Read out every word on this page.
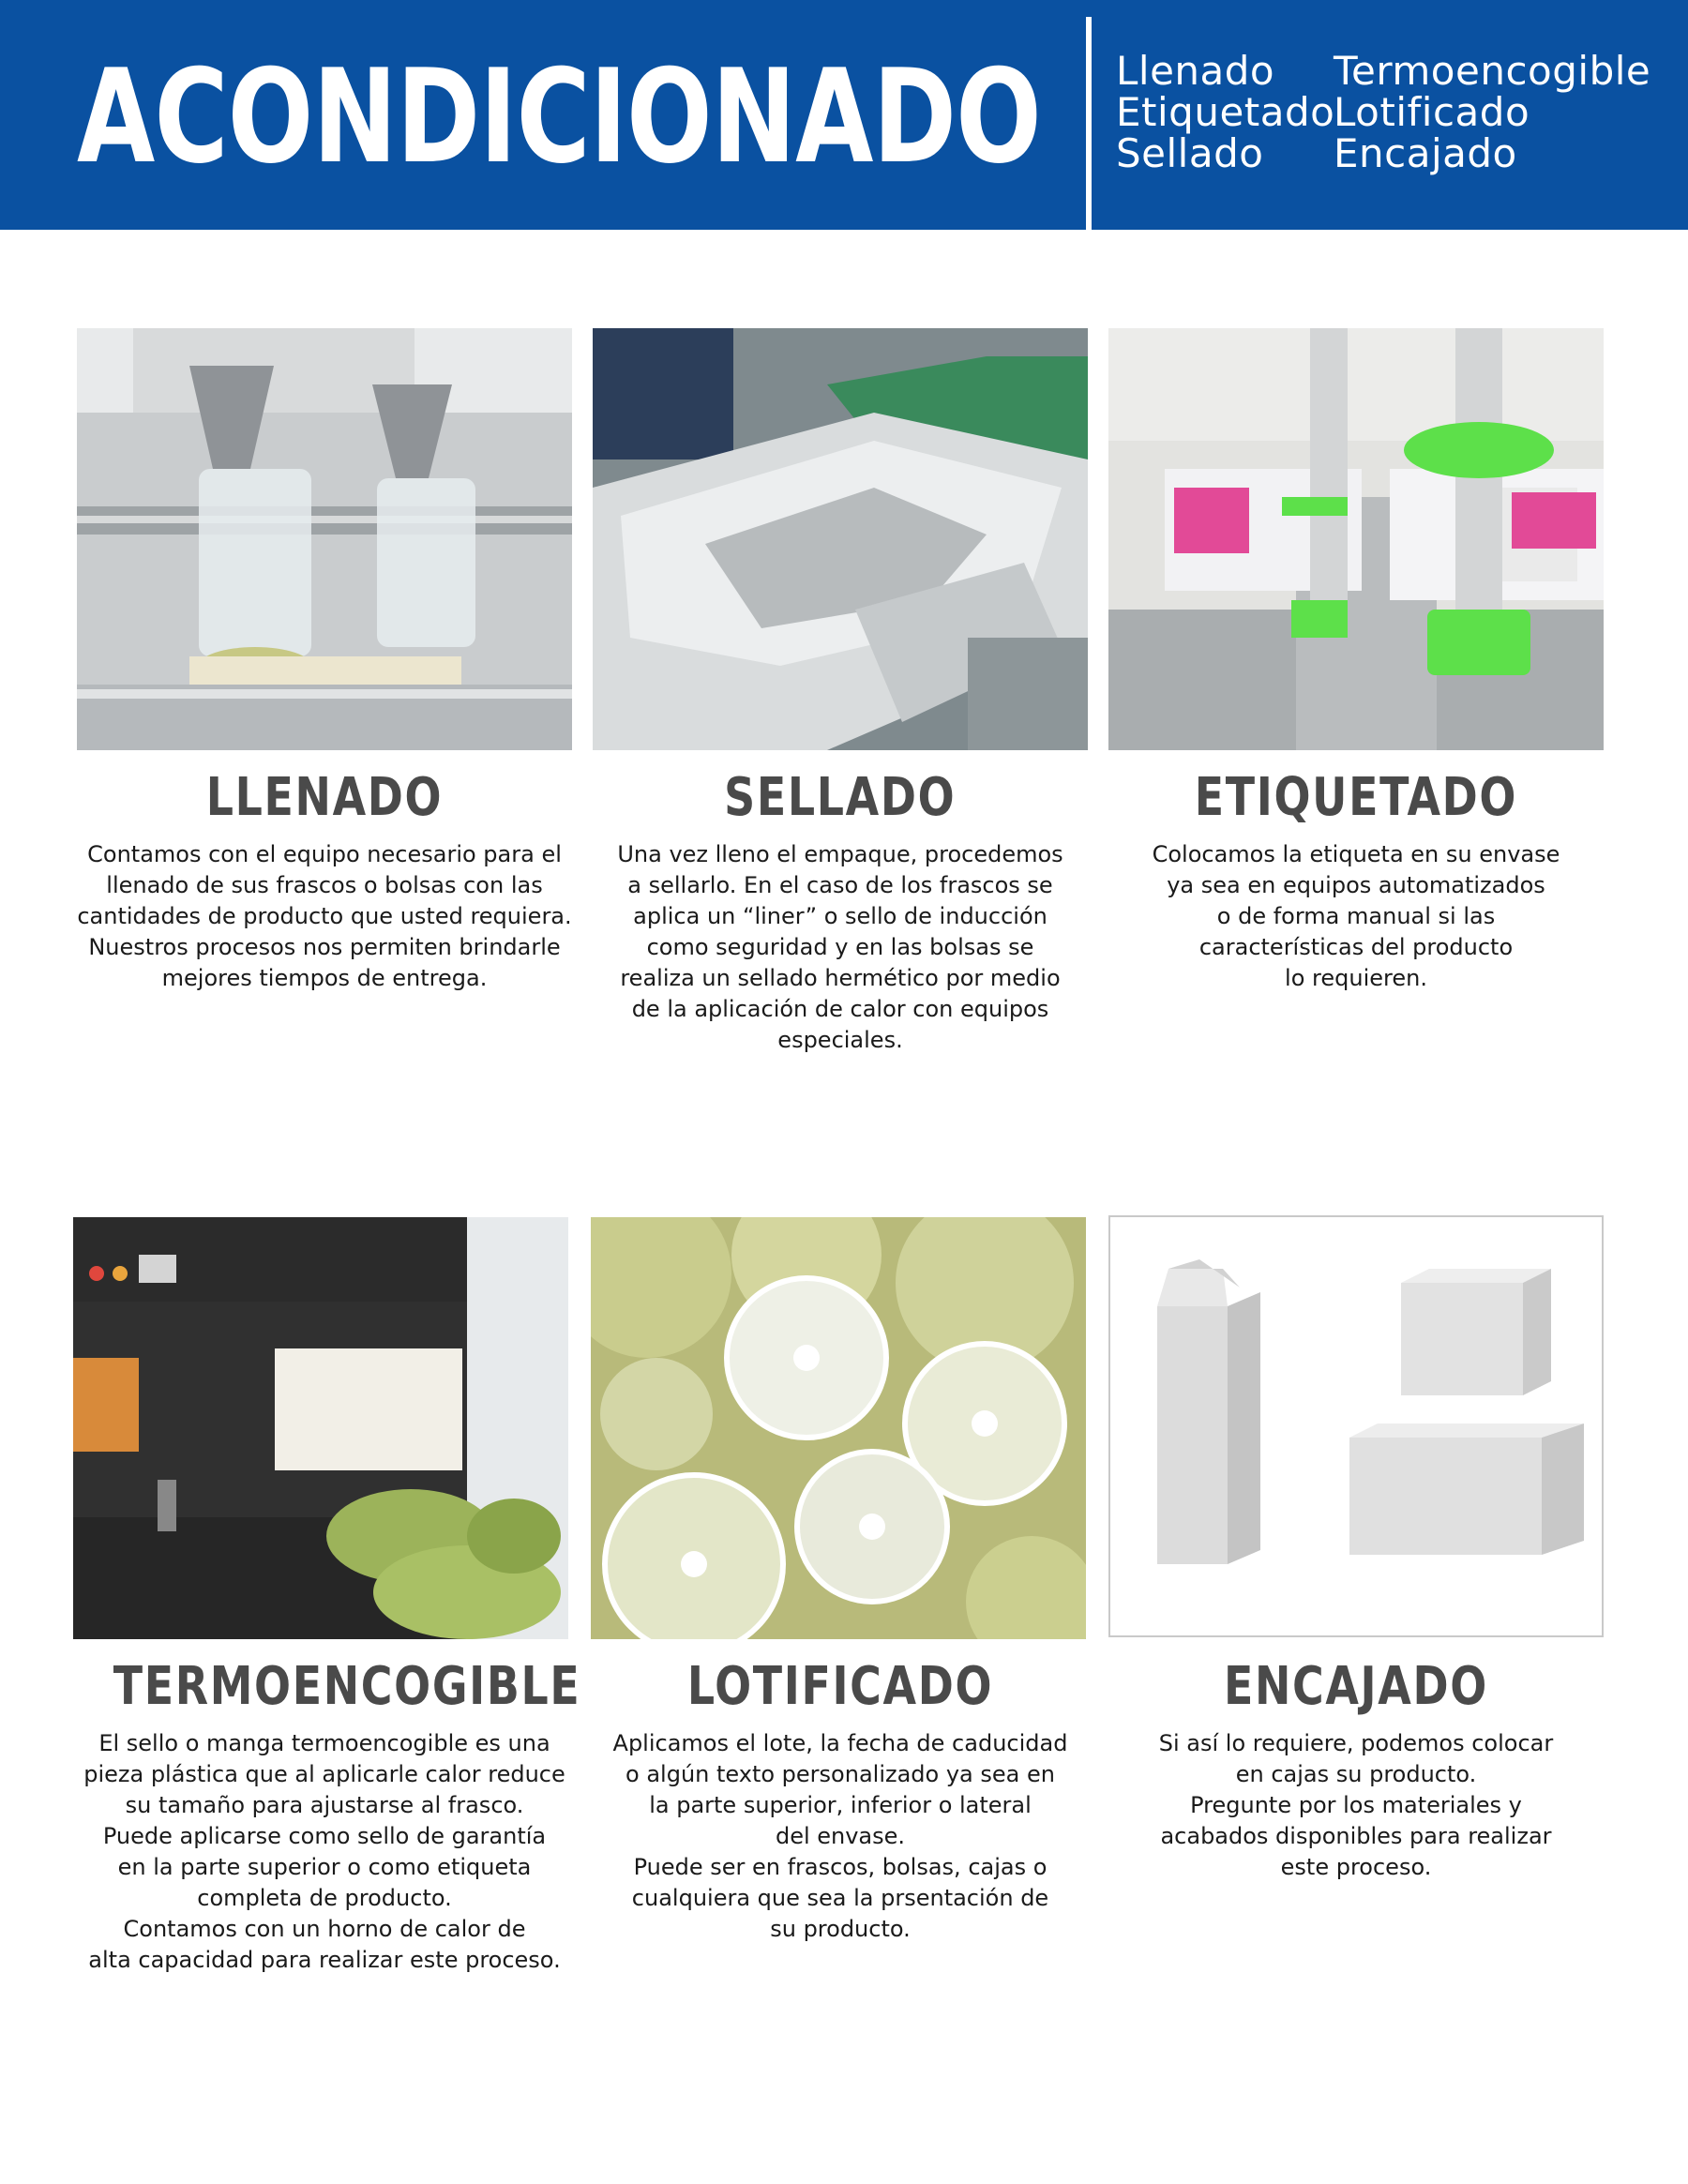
ACONDICIONADO Llenado
Etiquetado
Sellado
Termoencogible
Lotificado
Encajado
LLENADO
Contamos con el equipo necesario para el
llenado de sus frascos o bolsas con las
cantidades de producto que usted requiera.
Nuestros procesos nos permiten brindarle
mejores tiempos de entrega.
SELLADO
Una vez lleno el empaque, procedemos
a sellarlo. En el caso de los frascos se
aplica un “liner” o sello de inducción
como seguridad y en las bolsas se
realiza un sellado hermético por medio
de la aplicación de calor con equipos
especiales.
ETIQUETADO
Colocamos la etiqueta en su envase
ya sea en equipos automatizados
o de forma manual si las
características del producto
lo requieren.
TERMOENCOGIBLE
El sello o manga termoencogible es una
pieza plástica que al aplicarle calor reduce
su tamaño para ajustarse al frasco.
Puede aplicarse como sello de garantía
en la parte superior o como etiqueta
completa de producto.
Contamos con un horno de calor de
alta capacidad para realizar este proceso.
LOTIFICADO
Aplicamos el lote, la fecha de caducidad
o algún texto personalizado ya sea en
la parte superior, inferior o lateral
del envase.
Puede ser en frascos, bolsas, cajas o
cualquiera que sea la prsentación de
su producto.
ENCAJADO
Si así lo requiere, podemos colocar
en cajas su producto.
Pregunte por los materiales y
acabados disponibles para realizar
este proceso.
